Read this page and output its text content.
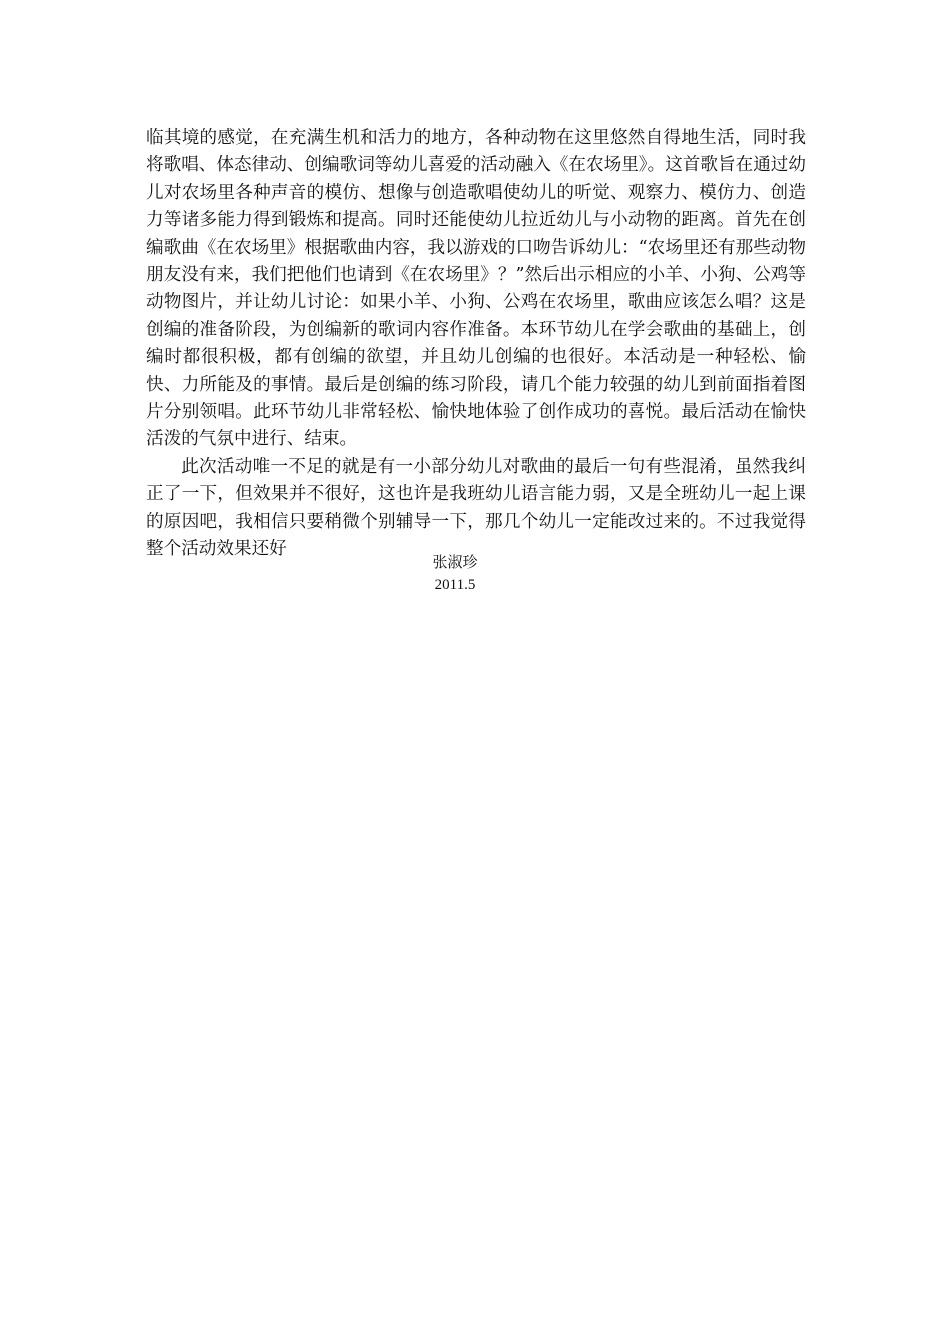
临其境的感觉，在充满生机和活力的地方，各种动物在这里悠然自得地生活，同时我将歌唱、体态律动、创编歌词等幼儿喜爱的活动融入《在农场里》。这首歌旨在通过幼儿对农场里各种声音的模仿、想像与创造歌唱使幼儿的听觉、观察力、模仿力、创造力等诸多能力得到锻炼和提高。同时还能使幼儿拉近幼儿与小动物的距离。首先在创编歌曲《在农场里》根据歌曲内容，我以游戏的口吻告诉幼儿：“农场里还有那些动物朋友没有来，我们把他们也请到《在农场里》？”然后出示相应的小羊、小狗、公鸡等动物图片，并让幼儿讨论：如果小羊、小狗、公鸡在农场里，歌曲应该怎么唱？这是创编的准备阶段，为创编新的歌词内容作准备。本环节幼儿在学会歌曲的基础上，创编时都很积极，都有创编的欲望，并且幼儿创编的也很好。本活动是一种轻松、愉快、力所能及的事情。最后是创编的练习阶段，请几个能力较强的幼儿到前面指着图片分别领唱。此环节幼儿非常轻松、愉快地体验了创作成功的喜悦。最后活动在愉快活泼的气氛中进行、结束。

此次活动唯一不足的就是有一小部分幼儿对歌曲的最后一句有些混淆，虽然我纠正了一下，但效果并不很好，这也许是我班幼儿语言能力弱，又是全班幼儿一起上课的原因吧，我相信只要稍微个别辅导一下，那几个幼儿一定能改过来的。不过我觉得整个活动效果还好

张淑珍
2011.5
